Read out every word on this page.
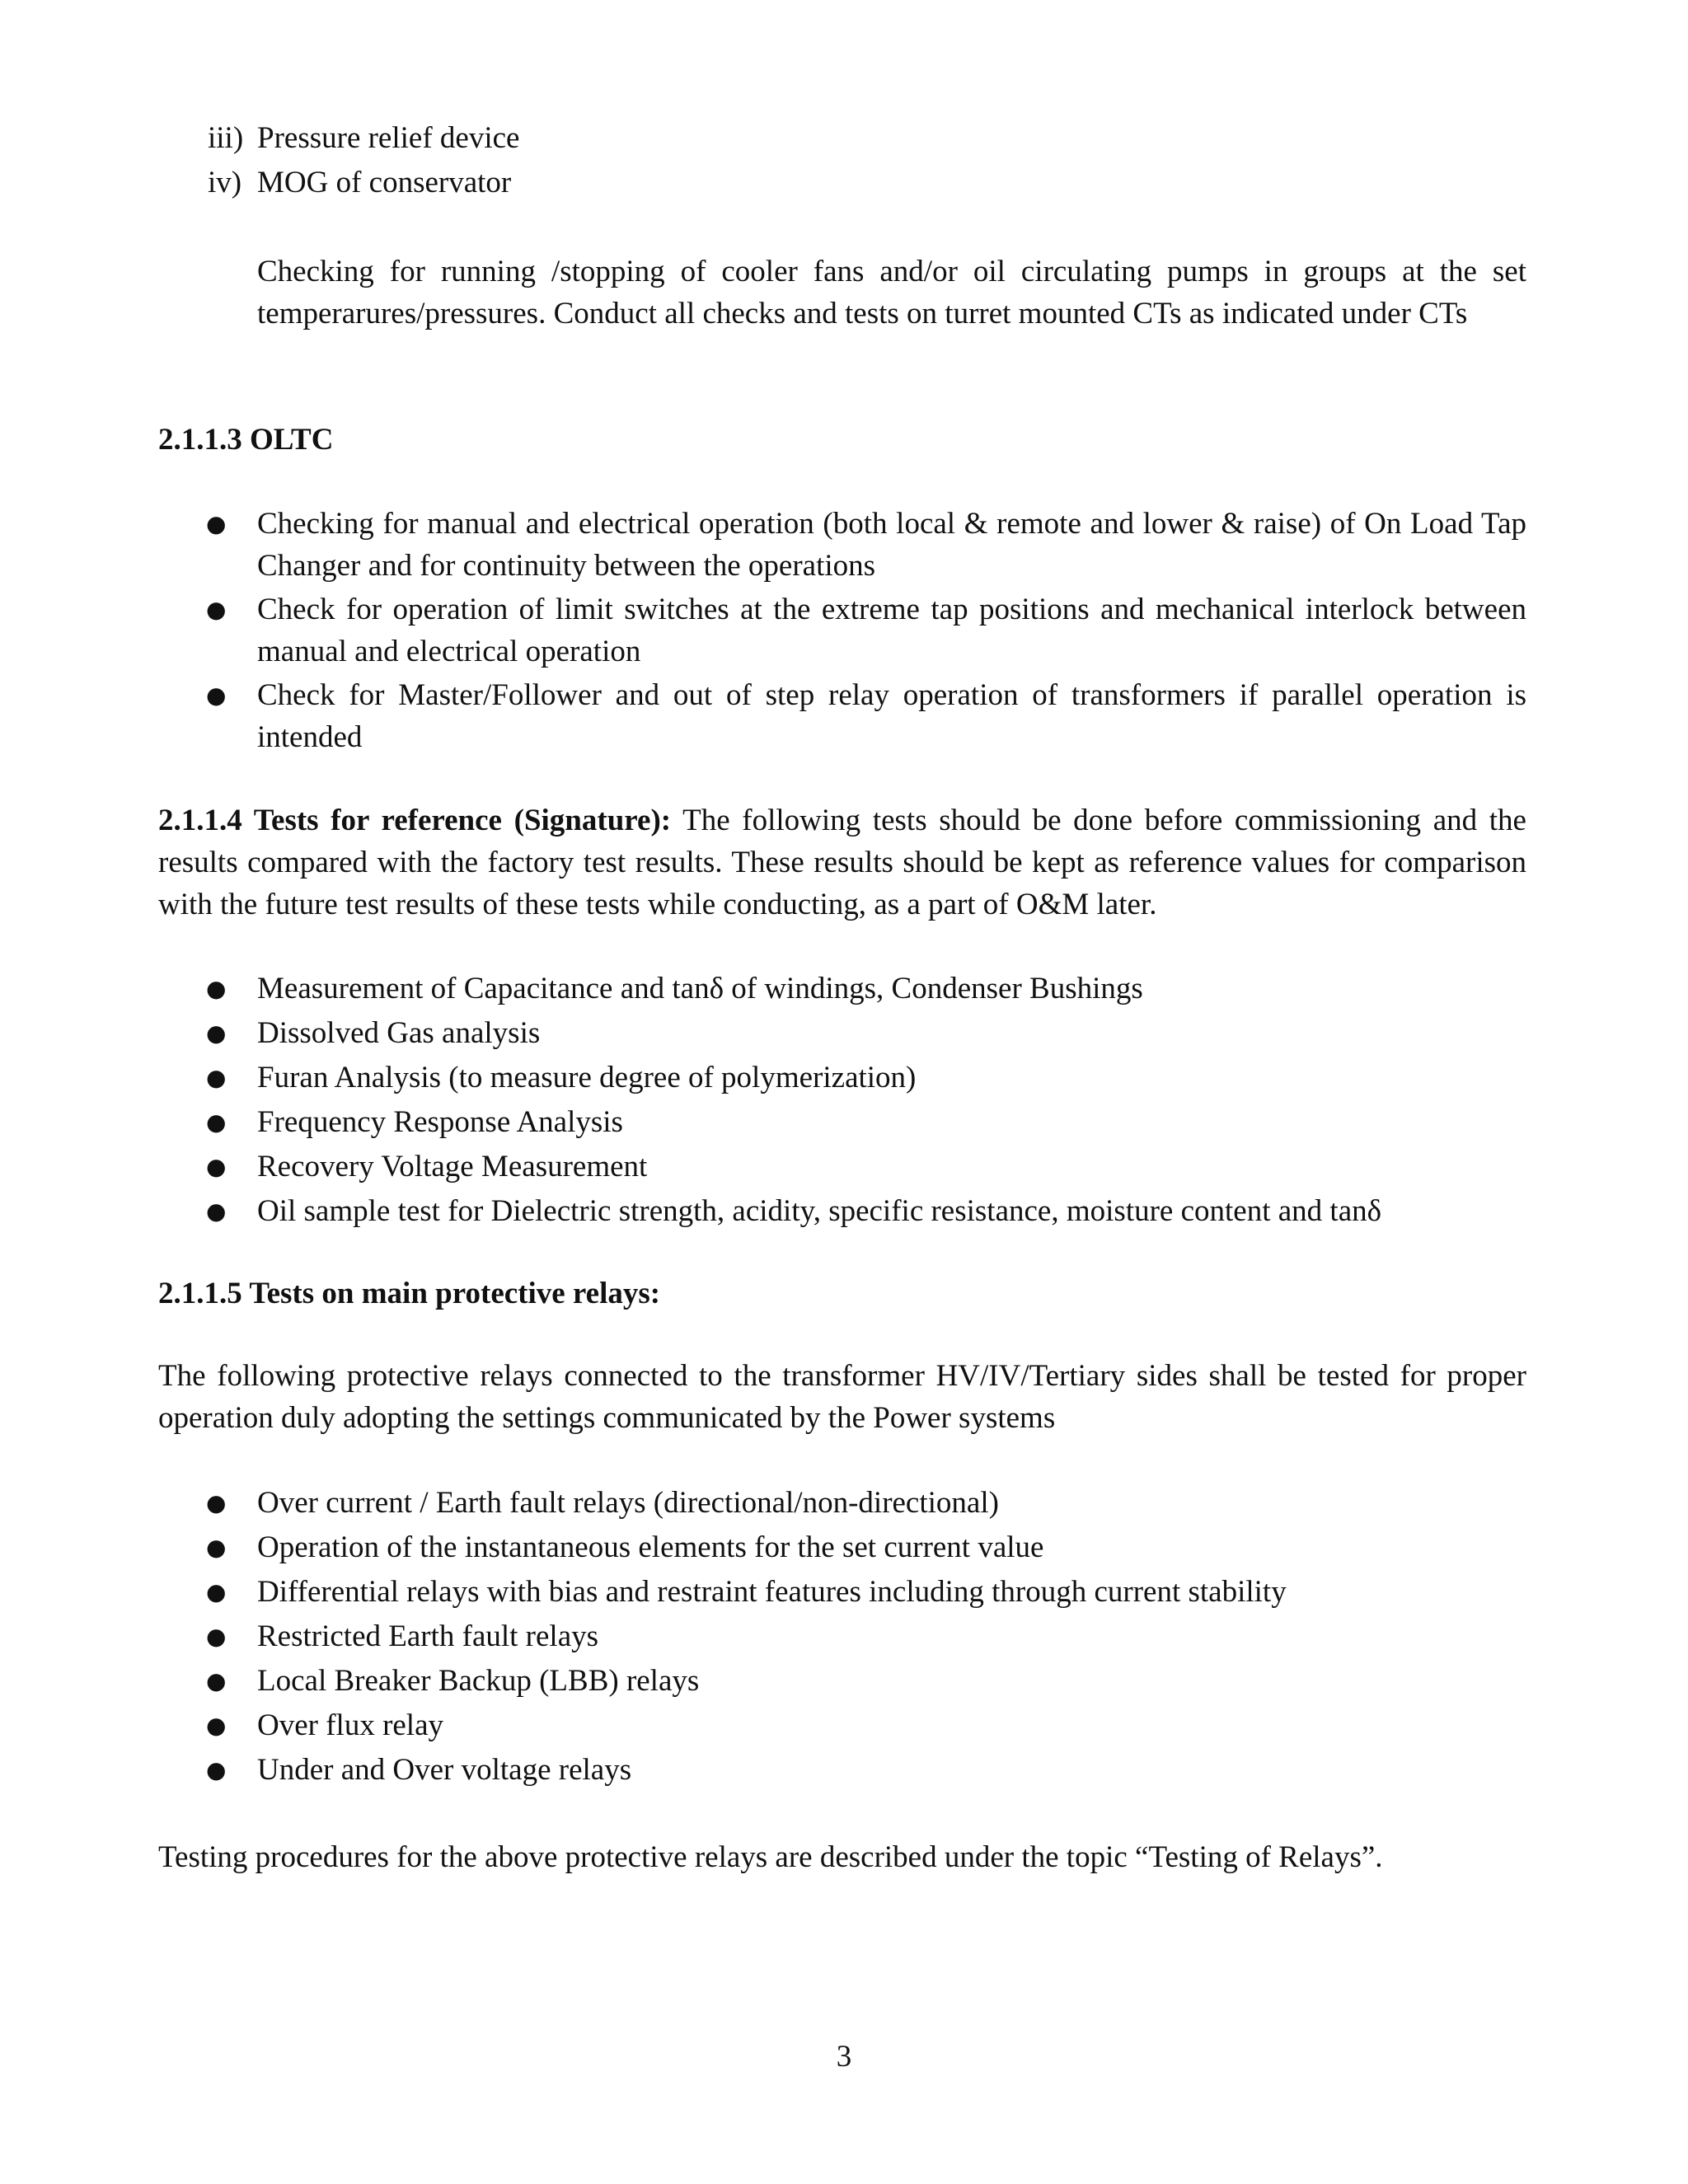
iii) Pressure relief device
iv) MOG of conservator
Checking for running /stopping of cooler fans and/or oil circulating pumps in groups at the set temperarures/pressures. Conduct all checks and tests on turret mounted CTs as indicated under CTs
2.1.1.3 OLTC
● Checking for manual and electrical operation (both local & remote and lower & raise) of On Load Tap Changer and for continuity between the operations
● Check for operation of limit switches at the extreme tap positions and mechanical interlock between manual and electrical operation
● Check for Master/Follower and out of step relay operation of transformers if parallel operation is intended
2.1.1.4 Tests for reference (Signature): The following tests should be done before commissioning and the results compared with the factory test results. These results should be kept as reference values for comparison with the future test results of these tests while conducting, as a part of O&M later.
● Measurement of Capacitance and tanδ of windings, Condenser Bushings
● Dissolved Gas analysis
● Furan Analysis (to measure degree of polymerization)
● Frequency Response Analysis
● Recovery Voltage Measurement
● Oil sample test for Dielectric strength, acidity, specific resistance, moisture content and tanδ
2.1.1.5 Tests on main protective relays:
The following protective relays connected to the transformer HV/IV/Tertiary sides shall be tested for proper operation duly adopting the settings communicated by the Power systems
● Over current / Earth fault relays (directional/non-directional)
● Operation of the instantaneous elements for the set current value
● Differential relays with bias and restraint features including through current stability
● Restricted Earth fault relays
● Local Breaker Backup (LBB) relays
● Over flux relay
● Under and Over voltage relays
Testing procedures for the above protective relays are described under the topic “Testing of Relays”.
3
